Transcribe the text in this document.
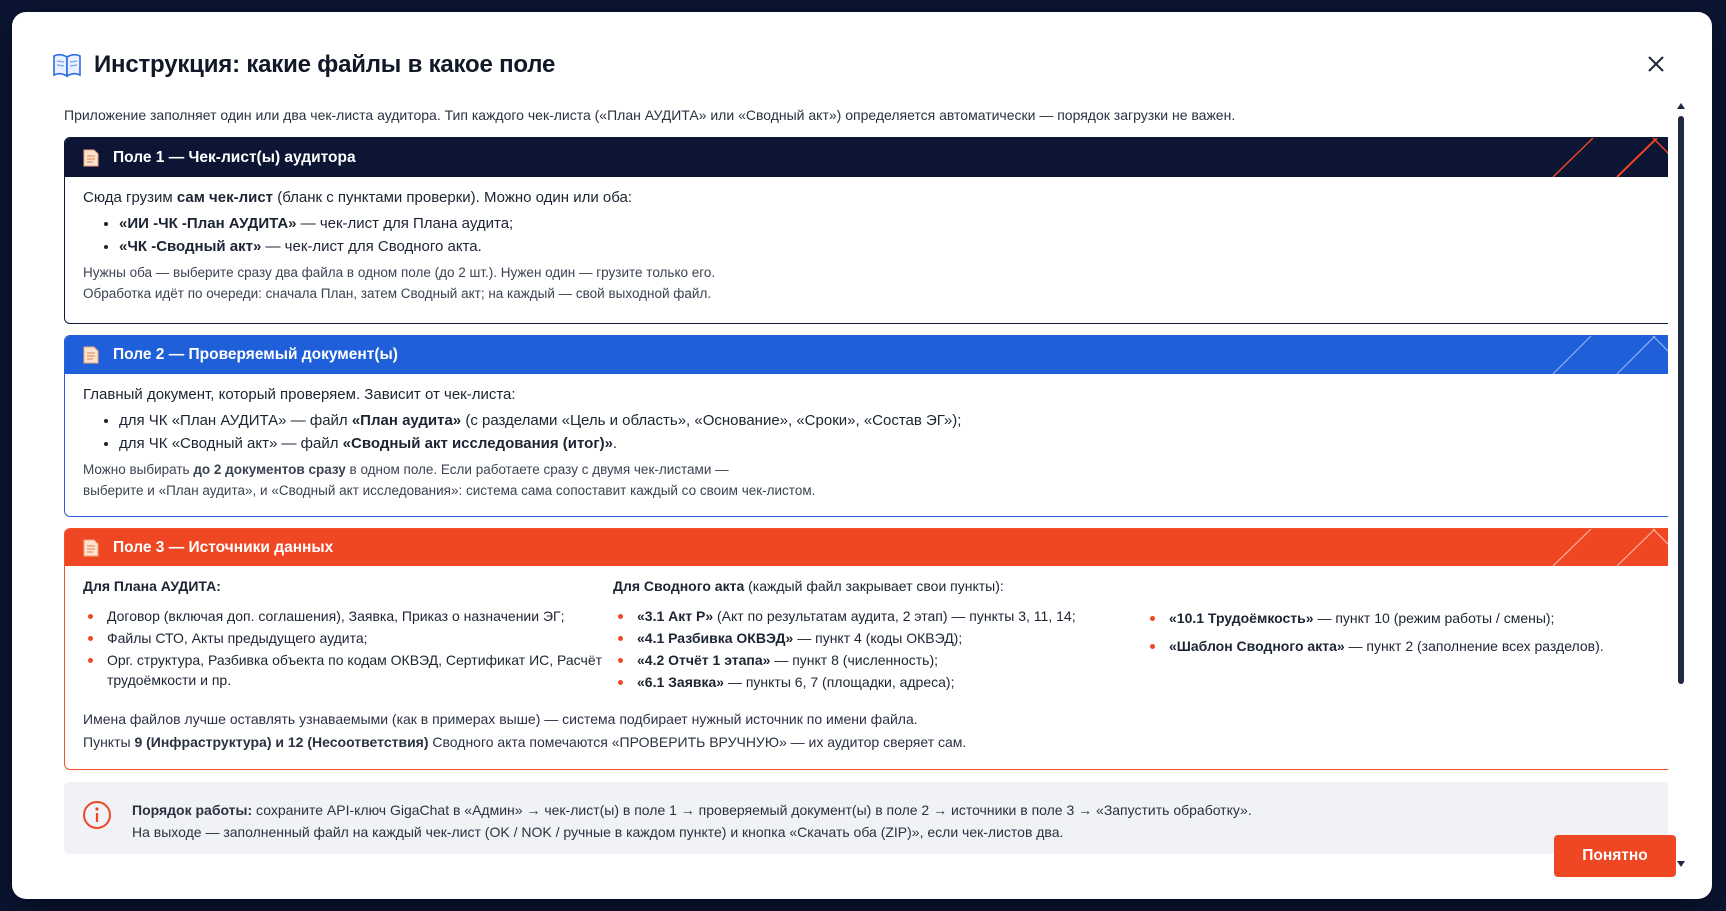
Инструкция: какие файлы в какое поле

Приложение заполняет один или два чек-листа аудитора. Тип каждого чек-листа («План АУДИТА» или «Сводный акт») определяется автоматически — порядок загрузки не важен.

Поле 1 — Чек-лист(ы) аудитора

Сюда грузим сам чек-лист (бланк с пунктами проверки). Можно один или оба:

• «ИИ -ЧК -План АУДИТА» — чек-лист для Плана аудита;
• «ЧК -Сводный акт» — чек-лист для Сводного акта.
Нужны оба — выберите сразу два файла в одном поле (до 2 шт.). Нужен один — грузите только его.
Обработка идёт по очереди: сначала План, затем Сводный акт; на каждый — свой выходной файл.
Поле 2 — Проверяемый документ(ы)

Главный документ, который проверяем. Зависит от чек-листа:

• для ЧК «План АУДИТА» — файл «План аудита» (с разделами «Цель и область», «Основание», «Сроки», «Состав ЭГ»);
• для ЧК «Сводный акт» — файл «Сводный акт исследования (итог)».
Можно выбирать до 2 документов сразу в одном поле. Если работаете сразу с двумя чек-листами —
выберите и «План аудита», и «Сводный акт исследования»: система сама сопоставит каждый со своим чек-листом.
Поле 3 — Источники данных
Для Плана АУДИТА:
Договор (включая доп. соглашения), Заявка, Приказ о назначении ЭГ;
Файлы СТО, Акты предыдущего аудита;
Орг. структура, Разбивка объекта по кодам ОКВЭД, Сертификат ИС, Расчёт трудоёмкости и пр.
Для Сводного акта (каждый файл закрывает свои пункты):
«3.1 Акт Р» (Акт по результатам аудита, 2 этап) — пункты 3, 11, 14;
«4.1 Разбивка ОКВЭД» — пункт 4 (коды ОКВЭД);
«4.2 Отчёт 1 этапа» — пункт 8 (численность);
«6.1 Заявка» — пункты 6, 7 (площадки, адреса);
«10.1 Трудоёмкость» — пункт 10 (режим работы / смены);
«Шаблон Сводного акта» — пункт 2 (заполнение всех разделов).
Имена файлов лучше оставлять узнаваемыми (как в примерах выше) — система подбирает нужный источник по имени файла.
Пункты 9 (Инфраструктура) и 12 (Несоответствия) Сводного акта помечаются «ПРОВЕРИТЬ ВРУЧНУЮ» — их аудитор сверяет сам.
Порядок работы: сохраните API-ключ GigaChat в «Админ» → чек-лист(ы) в поле 1 → проверяемый документ(ы) в поле 2 → источники в поле 3 → «Запустить обработку».
На выходе — заполненный файл на каждый чек-лист (OK / NOK / ручные в каждом пункте) и кнопка «Скачать оба (ZIP)», если чек-листов два.
Понятно
